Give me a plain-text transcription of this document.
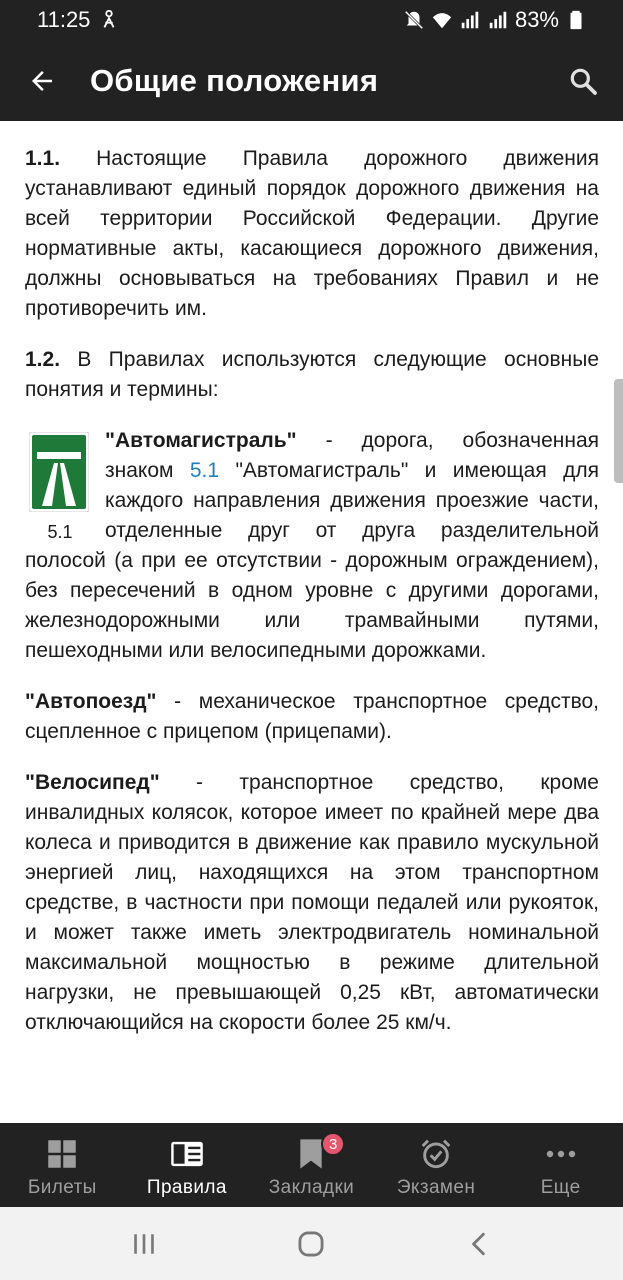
11:25	83%
Общие положения

1.1. Настоящие Правила дорожного движения устанавливают единый порядок дорожного движения на всей территории Российской Федерации. Другие нормативные акты, касающиеся дорожного движения, должны основываться на требованиях Правил и не противоречить им.

1.2. В Правилах используются следующие основные понятия и термины:

5.1
"Автомагистраль" - дорога, обозначенная знаком 5.1 "Автомагистраль" и имеющая для каждого направления движения проезжие части, отделенные друг от друга разделительной полосой (а при ее отсутствии - дорожным ограждением), без пересечений в одном уровне с другими дорогами, железнодорожными или трамвайными путями, пешеходными или велосипедными дорожками.

"Автопоезд" - механическое транспортное средство, сцепленное с прицепом (прицепами).

"Велосипед" - транспортное средство, кроме инвалидных колясок, которое имеет по крайней мере два колеса и приводится в движение как правило мускульной энергией лиц, находящихся на этом транспортном средстве, в частности при помощи педалей или рукояток, и может также иметь электродвигатель номинальной максимальной мощностью в режиме длительной нагрузки, не превышающей 0,25 кВт, автоматически отключающийся на скорости более 25 км/ч.

Билеты	Правила
3
Закладки Экзамен	Еще
